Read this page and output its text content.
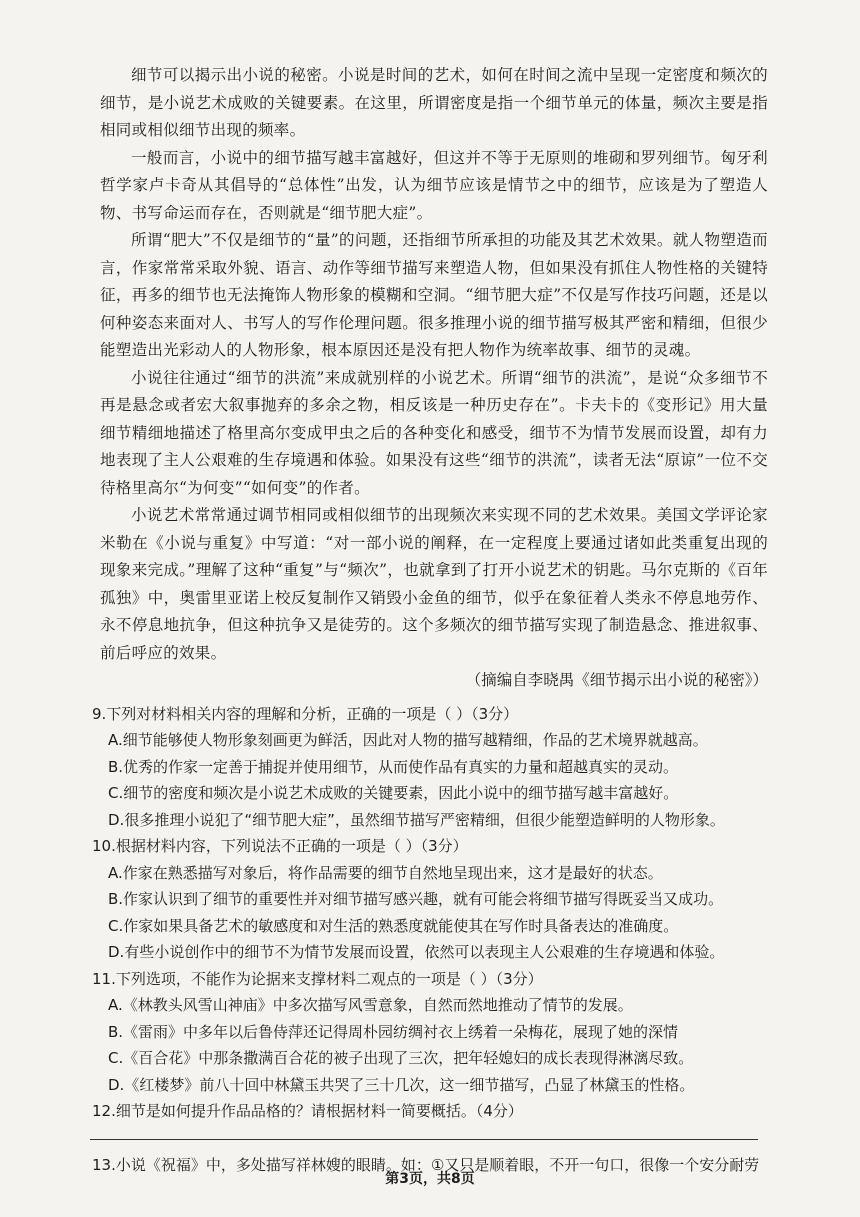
细节可以揭示出小说的秘密。小说是时间的艺术，如何在时间之流中呈现一定密度和频次的细节，是小说艺术成败的关键要素。在这里，所谓密度是指一个细节单元的体量，频次主要是指相同或相似细节出现的频率。

一般而言，小说中的细节描写越丰富越好，但这并不等于无原则的堆砌和罗列细节。匈牙利哲学家卢卡奇从其倡导的“总体性”出发，认为细节应该是情节之中的细节，应该是为了塑造人物、书写命运而存在，否则就是“细节肥大症”。

所谓“肥大”不仅是细节的“量”的问题，还指细节所承担的功能及其艺术效果。就人物塑造而言，作家常常采取外貌、语言、动作等细节描写来塑造人物，但如果没有抓住人物性格的关键特征，再多的细节也无法掩饰人物形象的模糊和空洞。“细节肥大症”不仅是写作技巧问题，还是以何种姿态来面对人、书写人的写作伦理问题。很多推理小说的细节描写极其严密和精细，但很少能塑造出光彩动人的人物形象，根本原因还是没有把人物作为统率故事、细节的灵魂。

小说往往通过“细节的洪流”来成就别样的小说艺术。所谓“细节的洪流”，是说“众多细节不再是悬念或者宏大叙事抛弃的多余之物，相反该是一种历史存在”。卡夫卡的《变形记》用大量细节精细地描述了格里高尔变成甲虫之后的各种变化和感受，细节不为情节发展而设置，却有力地表现了主人公艰难的生存境遇和体验。如果没有这些“细节的洪流”，读者无法“原谅”一位不交待格里高尔“为何变”“如何变”的作者。

小说艺术常常通过调节相同或相似细节的出现频次来实现不同的艺术效果。美国文学评论家米勒在《小说与重复》中写道：“对一部小说的阐释，在一定程度上要通过诸如此类重复出现的现象来完成。”理解了这种“重复”与“频次”，也就拿到了打开小说艺术的钥匙。马尔克斯的《百年孤独》中，奥雷里亚诺上校反复制作又销毁小金鱼的细节，似乎在象征着人类永不停息地劳作、永不停息地抗争，但这种抗争又是徒劳的。这个多频次的细节描写实现了制造悬念、推进叙事、前后呼应的效果。

（摘编自李晓禺《细节揭示出小说的秘密》）

9.下列对材料相关内容的理解和分析，正确的一项是（ ）（3分）

A.细节能够使人物形象刻画更为鲜活，因此对人物的描写越精细，作品的艺术境界就越高。

B.优秀的作家一定善于捕捉并使用细节，从而使作品有真实的力量和超越真实的灵动。

C.细节的密度和频次是小说艺术成败的关键要素，因此小说中的细节描写越丰富越好。

D.很多推理小说犯了“细节肥大症”，虽然细节描写严密精细，但很少能塑造鲜明的人物形象。

10.根据材料内容，下列说法不正确的一项是（ ）（3分）

A.作家在熟悉描写对象后，将作品需要的细节自然地呈现出来，这才是最好的状态。

B.作家认识到了细节的重要性并对细节描写感兴趣，就有可能会将细节描写得既妥当又成功。

C.作家如果具备艺术的敏感度和对生活的熟悉度就能使其在写作时具备表达的准确度。

D.有些小说创作中的细节不为情节发展而设置，依然可以表现主人公艰难的生存境遇和体验。

11.下列选项，不能作为论据来支撑材料二观点的一项是（ ）（3分）

A.《林教头风雪山神庙》中多次描写风雪意象，自然而然地推动了情节的发展。

B.《雷雨》中多年以后鲁侍萍还记得周朴园纺绸衬衣上绣着一朵梅花，展现了她的深情

C.《百合花》中那条撒满百合花的被子出现了三次，把年轻媳妇的成长表现得淋漓尽致。

D.《红楼梦》前八十回中林黛玉共哭了三十几次，这一细节描写，凸显了林黛玉的性格。

12.细节是如何提升作品品格的？请根据材料一简要概括。（4分）

13.小说《祝福》中，多处描写祥林嫂的眼睛。如：①又只是顺着眼，不开一句口，很像一个安分耐劳

第3页，共8页
